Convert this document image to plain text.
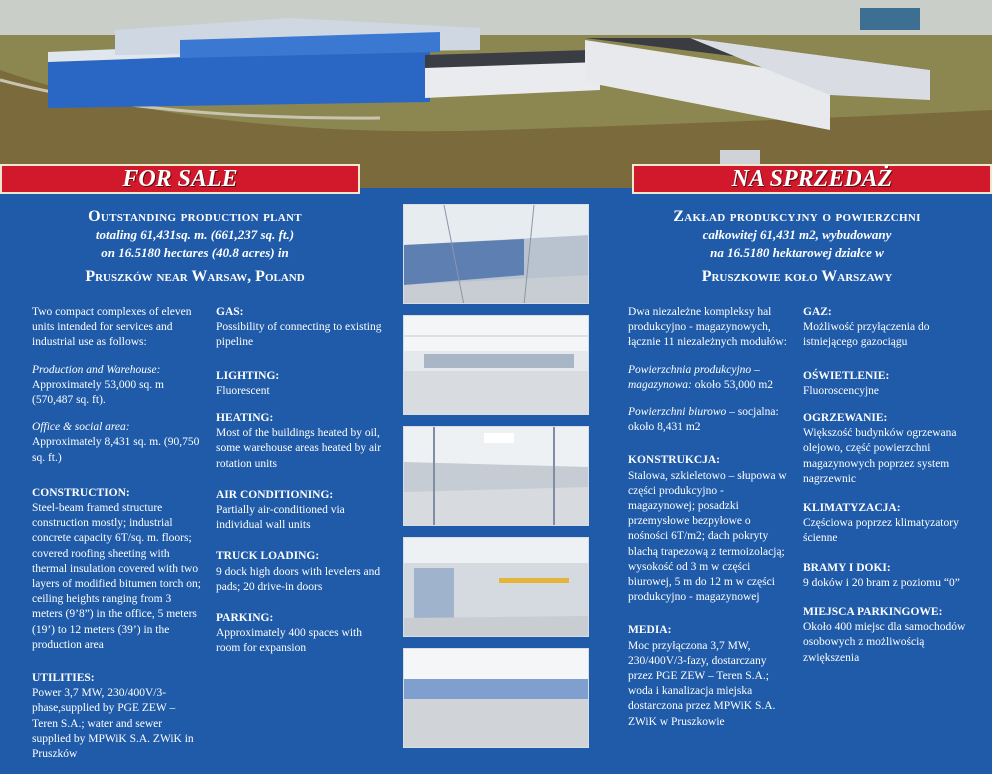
FOR SALE	NA SPRZEDAŻ
Outstanding production plant
totaling 61,431sq. m. (661,237 sq. ft.)
on 16.5180 hectares (40.8 acres) in
Pruszków near Warsaw, Poland
Zakład produkcyjny o powierzchni
całkowitej 61,431 m2, wybudowany
na 16.5180 hektarowej działce w
Pruszkowie koło Warszawy

Two compact complexes of eleven units intended for services and industrial use as follows:

Production and Warehouse:
Approximately 53,000 sq. m (570,487 sq. ft).

Office & social area:
Approximately 8,431 sq. m. (90,750 sq. ft.)

CONSTRUCTION:
Steel-beam framed structure construction mostly; industrial concrete capacity 6T/sq. m. floors; covered roofing sheeting with thermal insulation covered with two layers of modified bitumen torch on; ceiling heights ranging from 3 meters (9’8”) in the office, 5 meters (19’) to 12 meters (39’) in the production area

UTILITIES:
Power 3,7 MW, 230/400V/3-phase,supplied by PGE ZEW – Teren S.A.; water and sewer supplied by MPWiK S.A. ZWiK in Pruszków

GAS:
Possibility of connecting to existing pipeline

LIGHTING:
Fluorescent

HEATING:
Most of the buildings heated by oil, some warehouse areas heated by air rotation units

AIR CONDITIONING:
Partially air-conditioned via individual wall units

TRUCK LOADING:
9 dock high doors with levelers and pads; 20 drive-in doors

PARKING:
Approximately 400 spaces with room for expansion

Dwa niezależne kompleksy hal produkcyjno - magazynowych, łącznie 11 niezależnych modułów:

Powierzchnia produkcyjno – magazynowa: około 53,000 m2

Powierzchni biurowo – socjalna: około 8,431 m2

KONSTRUKCJA:
Stalowa, szkieletowo – słupowa w części produkcyjno - magazynowej; posadzki przemysłowe bezpyłowe o nośności 6T/m2; dach pokryty blachą trapezową z termoizolacją; wysokość od 3 m w części biurowej, 5 m do 12 m w części produkcyjno - magazynowej

MEDIA:
Moc przyłączona 3,7 MW, 230/400V/3-fazy, dostarczany przez PGE ZEW – Teren S.A.; woda i kanalizacja miejska dostarczona przez MPWiK S.A. ZWiK w Pruszkowie

GAZ:
Możliwość przyłączenia do istniejącego gazociągu

OŚWIETLENIE:
Fluoroscencyjne

OGRZEWANIE:
Większość budynków ogrzewana olejowo, część powierzchni magazynowych poprzez system nagrzewnic

KLIMATYZACJA:
Częściowa poprzez klimatyzatory ścienne

BRAMY I DOKI:
9 doków i 20 bram z poziomu “0”

MIEJSCA PARKINGOWE:
Około 400 miejsc dla samochodów osobowych z możliwością zwiększenia
